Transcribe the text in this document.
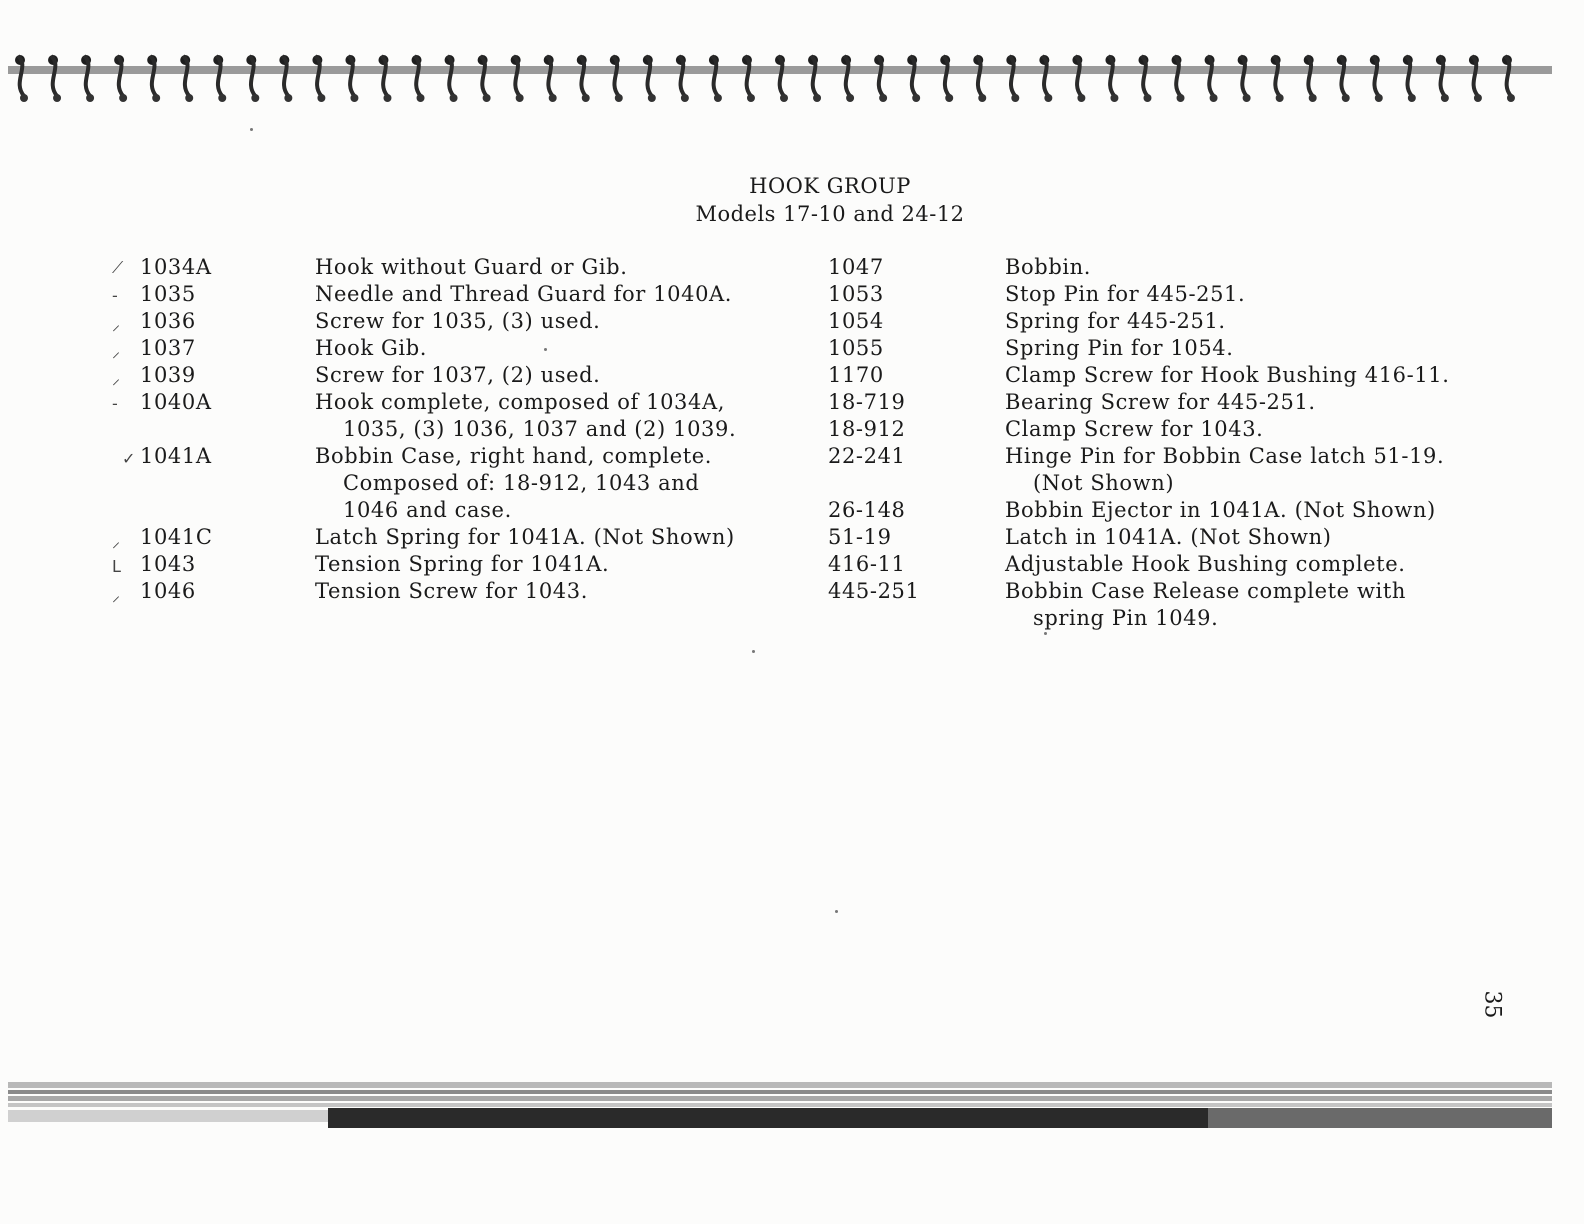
HOOK GROUP
Models 17-10 and 24-12
1034A
1035
1036
1037
1039
1040A
1041A
1041C
1043
1046
Hook without Guard or Gib.
Needle and Thread Guard for 1040A.
Screw for 1035, (3) used.
Hook Gib.
Screw for 1037, (2) used.
Hook complete, composed of 1034A,
1035, (3) 1036, 1037 and (2) 1039.
Bobbin Case, right hand, complete.
Composed of: 18-912, 1043 and
1046 and case.
Latch Spring for 1041A. (Not Shown)
Tension Spring for 1041A.
Tension Screw for 1043.
1047
1053
1054
1055
1170
18-719
18-912
22-241
26-148
51-19
416-11
445-251
Bobbin.
Stop Pin for 445-251.
Spring for 445-251.
Spring Pin for 1054.
Clamp Screw for Hook Bushing 416-11.
Bearing Screw for 445-251.
Clamp Screw for 1043.
Hinge Pin for Bobbin Case latch 51-19.
(Not Shown)
Bobbin Ejector in 1041A. (Not Shown)
Latch in 1041A. (Not Shown)
Adjustable Hook Bushing complete.
Bobbin Case Release complete with
spring Pin 1049.
⟋
-
⸝
⸝
⸝
-
✓
⸝
ᒪ
⸝
35
